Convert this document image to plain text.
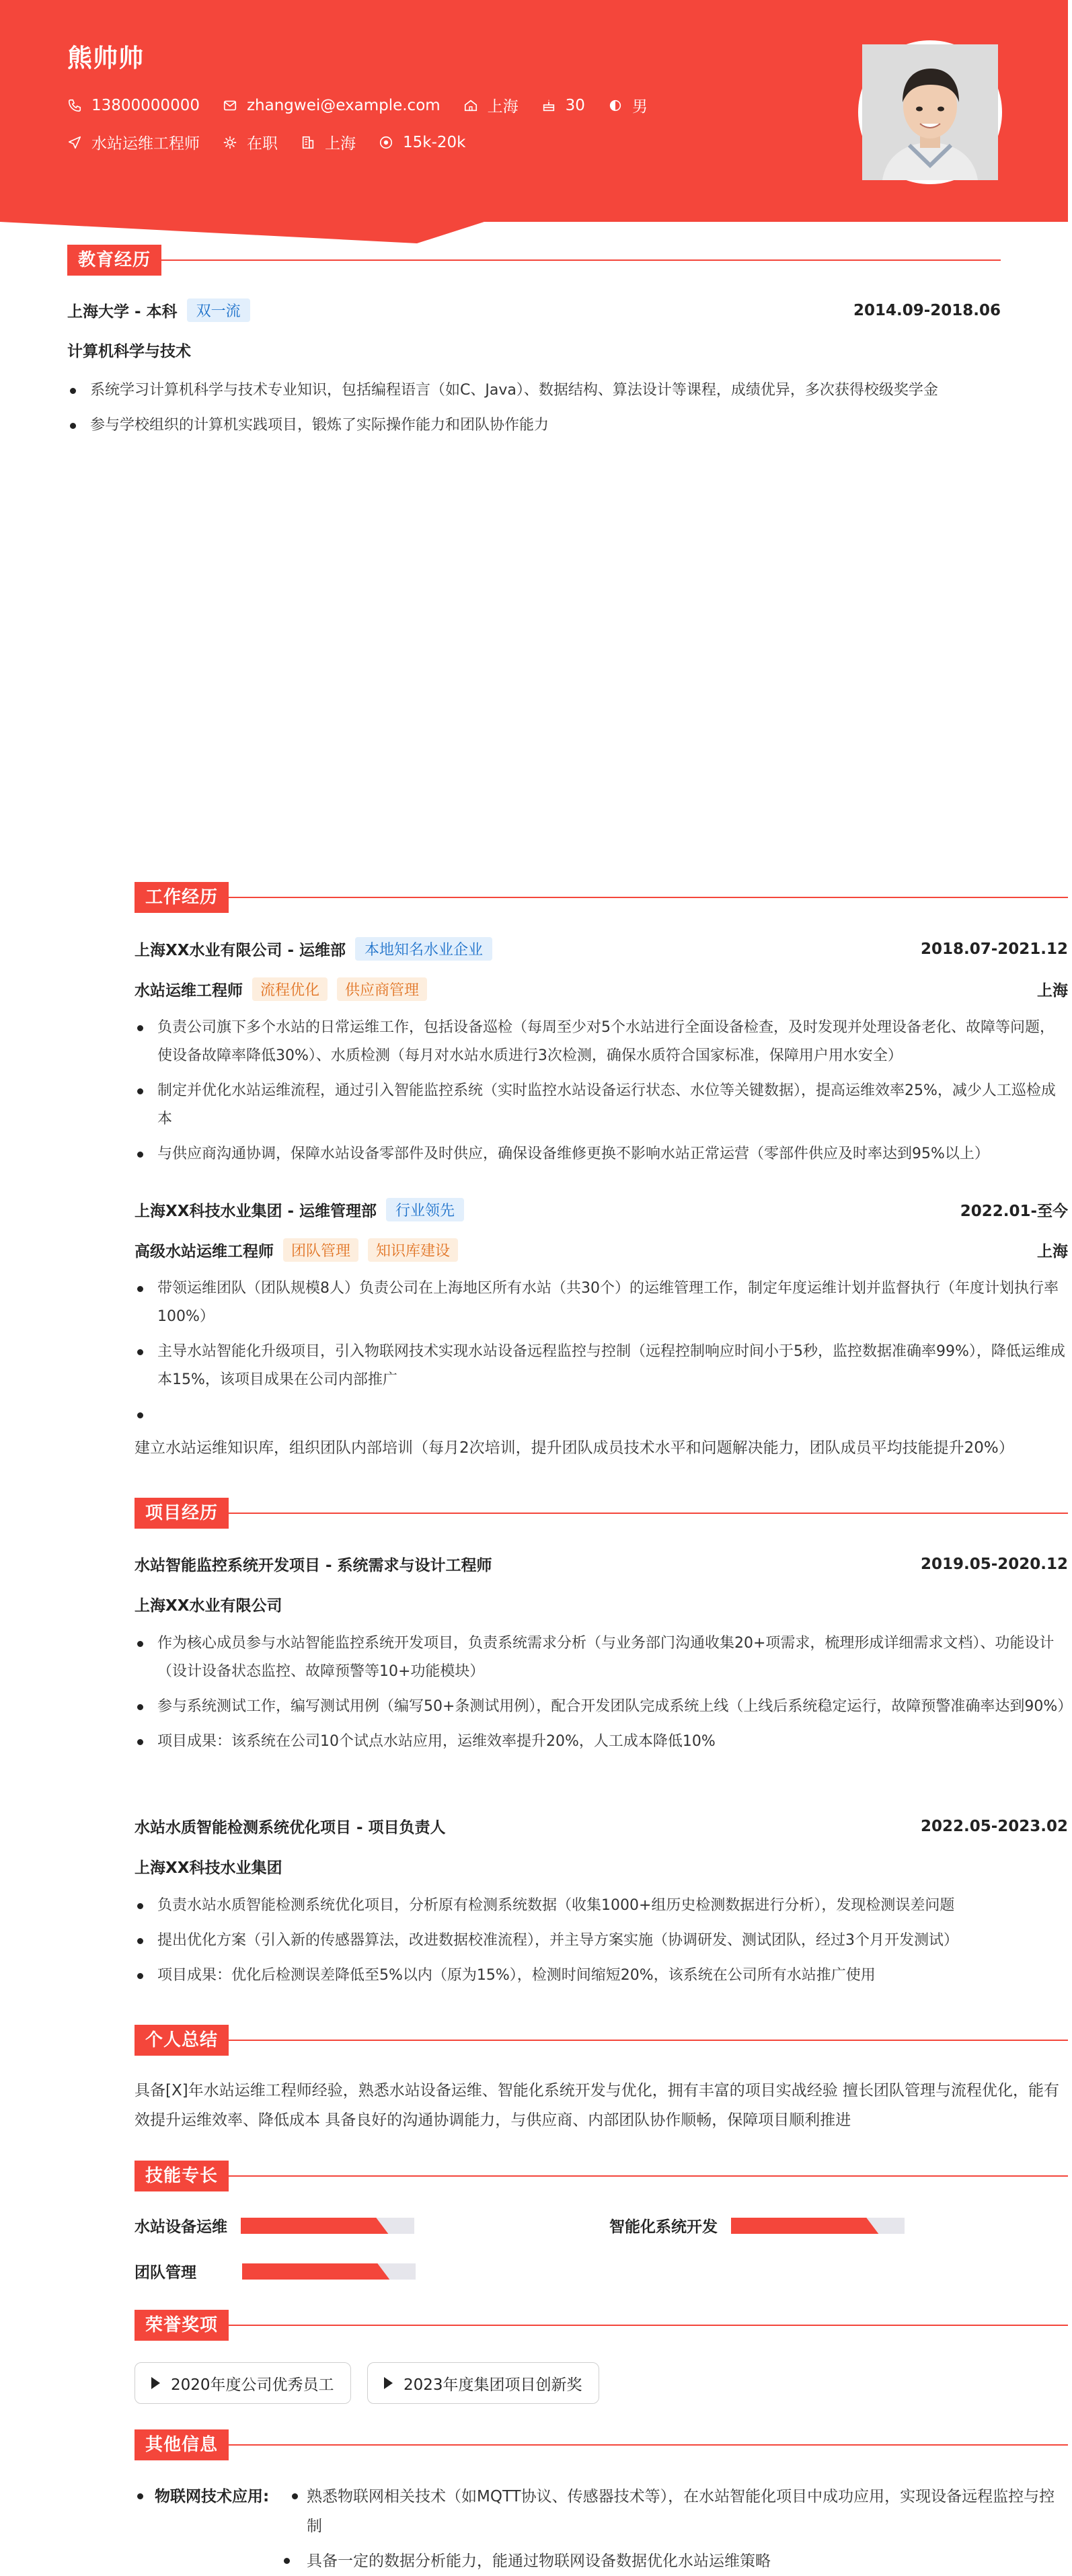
熊帅帅
13800000000	zhangwei@example.com	上海	30	男
水站运维工程师	在职	上海	15k-20k
教育经历
上海大学 - 本科	双一流	2014.09-2018.06
计算机科学与技术
系统学习计算机科学与技术专业知识，包括编程语言（如C、Java）、数据结构、算法设计等课程，成绩优异，多次获得校级奖学金
参与学校组织的计算机实践项目，锻炼了实际操作能力和团队协作能力
工作经历
上海XX水业有限公司 - 运维部	本地知名水业企业	2018.07-2021.12
水站运维工程师	流程优化	供应商管理	上海
负责公司旗下多个水站的日常运维工作，包括设备巡检（每周至少对5个水站进行全面设备检查，及时发现并处理设备老化、故障等问题，使设备故障率降低30%）、水质检测（每月对水站水质进行3次检测，确保水质符合国家标准，保障用户用水安全）
制定并优化水站运维流程，通过引入智能监控系统（实时监控水站设备运行状态、水位等关键数据），提高运维效率25%，减少人工巡检成本
与供应商沟通协调，保障水站设备零部件及时供应，确保设备维修更换不影响水站正常运营（零部件供应及时率达到95%以上）
上海XX科技水业集团 - 运维管理部	行业领先	2022.01-至今
高级水站运维工程师	团队管理	知识库建设	上海
带领运维团队（团队规模8人）负责公司在上海地区所有水站（共30个）的运维管理工作，制定年度运维计划并监督执行（年度计划执行率100%）
主导水站智能化升级项目，引入物联网技术实现水站设备远程监控与控制（远程控制响应时间小于5秒，监控数据准确率99%），降低运维成本15%，该项目成果在公司内部推广
建立水站运维知识库，组织团队内部培训（每月2次培训，提升团队成员技术水平和问题解决能力，团队成员平均技能提升20%）
项目经历
水站智能监控系统开发项目 - 系统需求与设计工程师	2019.05-2020.12
上海XX水业有限公司
作为核心成员参与水站智能监控系统开发项目，负责系统需求分析（与业务部门沟通收集20+项需求，梳理形成详细需求文档）、功能设计（设计设备状态监控、故障预警等10+功能模块）
参与系统测试工作，编写测试用例（编写50+条测试用例），配合开发团队完成系统上线（上线后系统稳定运行，故障预警准确率达到90%）
项目成果：该系统在公司10个试点水站应用，运维效率提升20%，人工成本降低10%
水站水质智能检测系统优化项目 - 项目负责人	2022.05-2023.02
上海XX科技水业集团
负责水站水质智能检测系统优化项目，分析原有检测系统数据（收集1000+组历史检测数据进行分析），发现检测误差问题
提出优化方案（引入新的传感器算法，改进数据校准流程），并主导方案实施（协调研发、测试团队，经过3个月开发测试）
项目成果：优化后检测误差降低至5%以内（原为15%），检测时间缩短20%，该系统在公司所有水站推广使用
个人总结
具备[X]年水站运维工程师经验，熟悉水站设备运维、智能化系统开发与优化，拥有丰富的项目实战经验 擅长团队管理与流程优化，能有效提升运维效率、降低成本 具备良好的沟通协调能力，与供应商、内部团队协作顺畅，保障项目顺利推进
技能专长
水站设备运维	智能化系统开发
团队管理
荣誉奖项
2020年度公司优秀员工	2023年度集团项目创新奖
其他信息
物联网技术应用: 熟悉物联网相关技术（如MQTT协议、传感器技术等），在水站智能化项目中成功应用，实现设备远程监控与控制
具备一定的数据分析能力，能通过物联网设备数据优化水站运维策略
